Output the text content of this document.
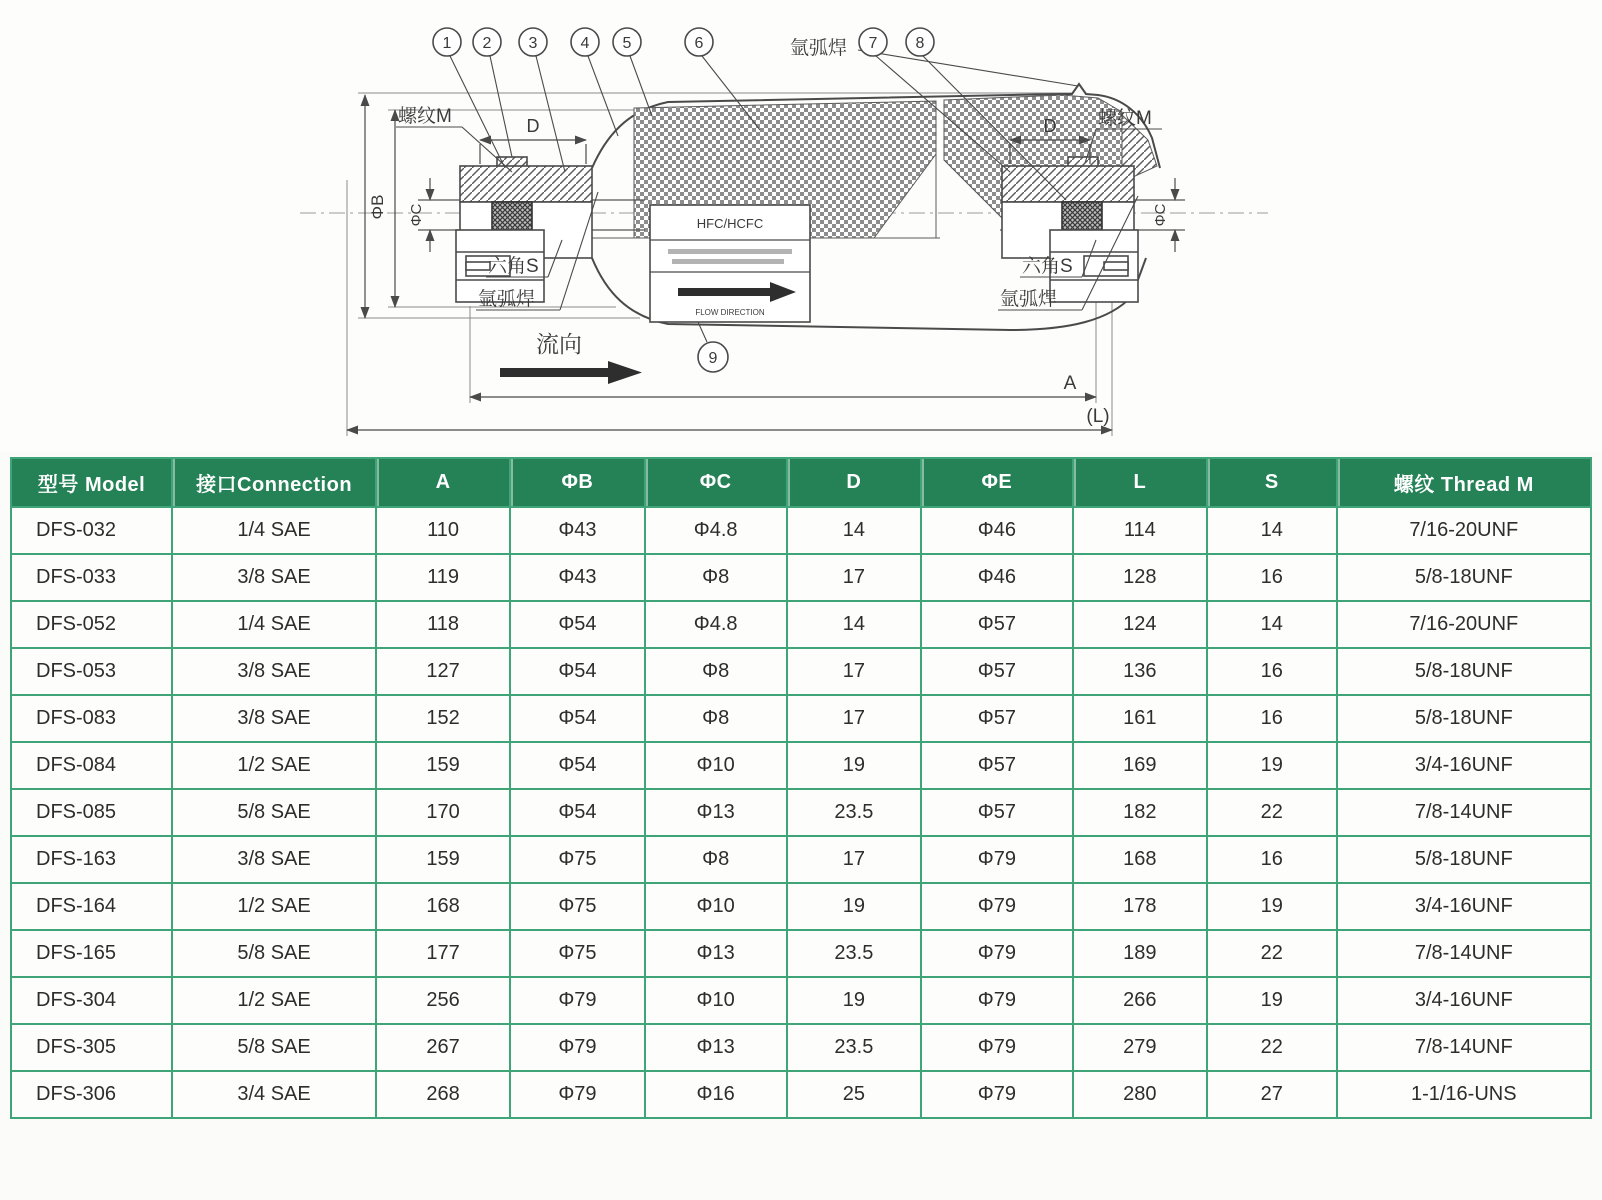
HFC/HCFC
FLOW DIRECTION
ΦB ΦC	ΦC
D	D
A
(L)
螺纹M	螺纹M
六角S
氩弧焊
六角S
氩弧焊
氩弧焊
流向
1 2 3	4 5	6	7 8
9
型号 Model	接口Connection	A	ΦB	ΦC	D	ΦE	L	S	螺纹 Thread M
DFS-032	1/4 SAE	110	Φ43	Φ4.8	14	Φ46	114	14	7/16-20UNF
DFS-033	3/8 SAE	119	Φ43	Φ8	17	Φ46	128	16	5/8-18UNF
DFS-052	1/4 SAE	118	Φ54	Φ4.8	14	Φ57	124	14	7/16-20UNF
DFS-053	3/8 SAE	127	Φ54	Φ8	17	Φ57	136	16	5/8-18UNF
DFS-083	3/8 SAE	152	Φ54	Φ8	17	Φ57	161	16	5/8-18UNF
DFS-084	1/2 SAE	159	Φ54	Φ10	19	Φ57	169	19	3/4-16UNF
DFS-085	5/8 SAE	170	Φ54	Φ13	23.5	Φ57	182	22	7/8-14UNF
DFS-163	3/8 SAE	159	Φ75	Φ8	17	Φ79	168	16	5/8-18UNF
DFS-164	1/2 SAE	168	Φ75	Φ10	19	Φ79	178	19	3/4-16UNF
DFS-165	5/8 SAE	177	Φ75	Φ13	23.5	Φ79	189	22	7/8-14UNF
DFS-304	1/2 SAE	256	Φ79	Φ10	19	Φ79	266	19	3/4-16UNF
DFS-305	5/8 SAE	267	Φ79	Φ13	23.5	Φ79	279	22	7/8-14UNF
DFS-306	3/4 SAE	268	Φ79	Φ16	25	Φ79	280	27	1-1/16-UNS
